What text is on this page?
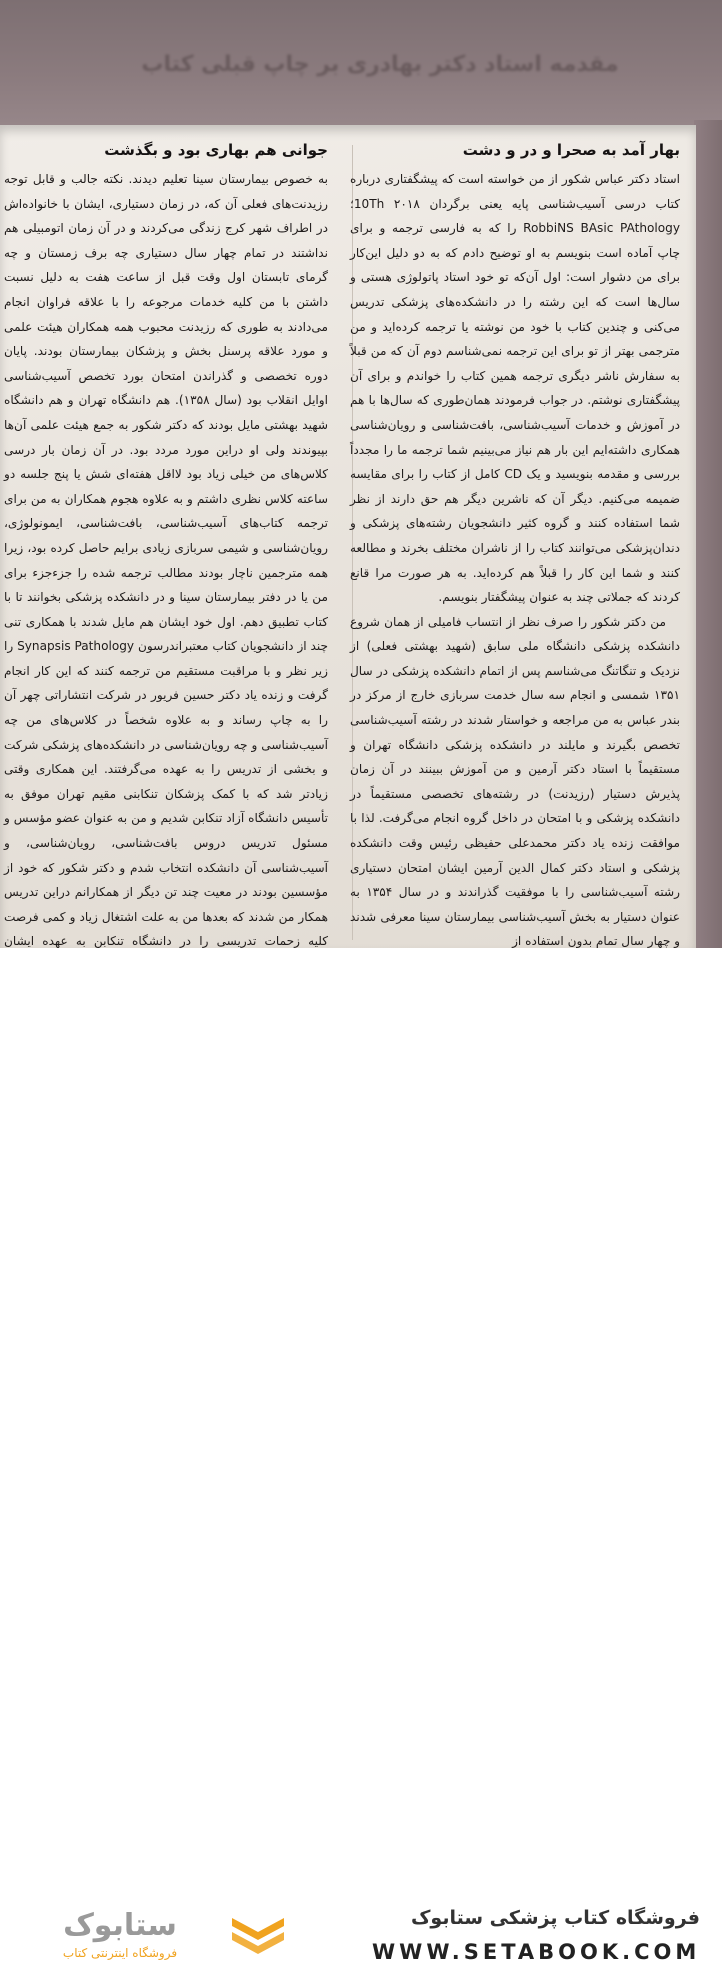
مقدمه استاد دکتر بهادری بر چاپ قبلی کتاب
بهار آمد به صحرا و در و دشت

استاد دکتر عباس شکور از من خواسته است که پیشگفتاری درباره کتاب درسی آسیب‌شناسی پایه یعنی برگردان ۲۰۱۸ 10Th؛ RobbiNS BAsic PAthology را که به فارسی ترجمه و برای چاپ آماده است بنویسم به او توضیح دادم که به دو دلیل این‌کار برای من دشوار است: اول آن‌که تو خود استاد پاتولوژی هستی و سال‌ها است که این رشته را در دانشکده‌های پزشکی تدریس می‌کنی و چندین کتاب با خود من نوشته یا ترجمه کرده‌اید و من مترجمی بهتر از تو برای این ترجمه نمی‌شناسم دوم آن که من قبلاً به سفارش ناشر دیگری ترجمه همین کتاب را خواندم و برای آن پیشگفتاری نوشتم. در جواب فرمودند همان‌طوری که سال‌ها با هم در آموزش و خدمات آسیب‌شناسی، بافت‌شناسی و رویان‌شناسی همکاری داشته‌ایم این بار هم نیاز می‌بینیم شما ترجمه ما را مجدداً بررسی و مقدمه بنویسید و یک CD کامل از کتاب را برای مقایسه ضمیمه می‌کنیم. دیگر آن که ناشرین دیگر هم حق دارند از نظر شما استفاده کنند و گروه کثیر دانشجویان رشته‌های پزشکی و دندان‌پزشکی می‌توانند کتاب را از ناشران مختلف بخرند و مطالعه کنند و شما این کار را قبلاً هم کرده‌اید. به هر صورت مرا قانع کردند که جملاتی چند به عنوان پیشگفتار بنویسم.

من دکتر شکور را صرف نظر از انتساب فامیلی از همان شروع دانشکده پزشکی دانشگاه ملی سابق (شهید بهشتی فعلی) از نزدیک و تنگاتنگ می‌شناسم پس از اتمام دانشکده پزشکی در سال ۱۳۵۱ شمسی و انجام سه سال خدمت سربازی خارج از مرکز در بندر عباس به من مراجعه و خواستار شدند در رشته آسیب‌شناسی تخصص بگیرند و مایلند در دانشکده پزشکی دانشگاه تهران و مستقیماً با استاد دکتر آرمین و من آموزش ببینند در آن زمان پذیرش دستیار (رزیدنت) در رشته‌های تخصصی مستقیماً در دانشکده پزشکی و با امتحان در داخل گروه انجام می‌گرفت. لذا با موافقت زنده یاد دکتر محمدعلی حفیظی رئیس وقت دانشکده پزشکی و استاد دکتر کمال الدین آرمین ایشان امتحان دستیاری رشته آسیب‌شناسی را با موفقیت گذراندند و در سال ۱۳۵۴ به عنوان دستیار به بخش آسیب‌شناسی بیمارستان سینا معرفی شدند و چهار سال تمام بدون استفاده از

جوانی هم بهاری بود و بگذشت

به خصوص بیمارستان سینا تعلیم دیدند. نکته جالب و قابل توجه رزیدنت‌های فعلی آن که، در زمان دستیاری، ایشان با خانواده‌اش در اطراف شهر کرج زندگی می‌کردند و در آن زمان اتومبیلی هم نداشتند در تمام چهار سال دستیاری چه برف زمستان و چه گرمای تابستان اول وقت قبل از ساعت هفت به دلیل نسبت داشتن با من کلیه خدمات مرجوعه را با علاقه فراوان انجام می‌دادند به طوری که رزیدنت محبوب همه همکاران هیئت علمی و مورد علاقه پرسنل بخش و پزشکان بیمارستان بودند. پایان دوره تخصصی و گذراندن امتحان بورد تخصص آسیب‌شناسی اوایل انقلاب بود (سال ۱۳۵۸). هم دانشگاه تهران و هم دانشگاه شهید بهشتی مایل بودند که دکتر شکور به جمع هیئت علمی آن‌ها بپیوندند ولی او دراین مورد مردد بود. در آن زمان بار درسی کلاس‌های من خیلی زیاد بود لااقل هفته‌ای شش یا پنج جلسه دو ساعته کلاس نظری داشتم و به علاوه هجوم همکاران به من برای ترجمه کتاب‌های آسیب‌شناسی، بافت‌شناسی، ایمونولوژی، رویان‌شناسی و شیمی سربازی زیادی برایم حاصل کرده بود، زیرا همه مترجمین ناچار بودند مطالب ترجمه شده را جزءجزء برای من یا در دفتر بیمارستان سینا و در دانشکده پزشکی بخوانند تا با کتاب تطبیق دهم. اول خود ایشان هم مایل شدند با همکاری تنی چند از دانشجویان کتاب معتبراندرسون Synapsis Pathology را زیر نظر و با مراقبت مستقیم من ترجمه کنند که این کار انجام گرفت و زنده یاد دکتر حسین فریور در شرکت انتشاراتی چهر آن را به چاپ رساند و به علاوه شخصاً در کلاس‌های من چه آسیب‌شناسی و چه رویان‌شناسی در دانشکده‌های پزشکی شرکت و بخشی از تدریس را به عهده می‌گرفتند. این همکاری وقتی زیادتر شد که با کمک پزشکان تنکابنی مقیم تهران موفق به تأسیس دانشگاه آزاد تنکابن شدیم و من به عنوان عضو مؤسس و مسئول تدریس دروس بافت‌شناسی، رویان‌شناسی، و آسیب‌شناسی آن دانشکده انتخاب شدم و دکتر شکور که خود از مؤسسین بودند در معیت چند تن دیگر از همکارانم دراین تدریس همکار من شدند که بعدها من به علت اشتغال زیاد و کمی فرصت کلیه زحمات تدریسی را در دانشگاه تنکابن به عهده ایشان

ستابوک
فروشگاه اینترنتی کتاب
فروشگاه کتاب پزشکی ستابوک
WWW.SETABOOK.COM
